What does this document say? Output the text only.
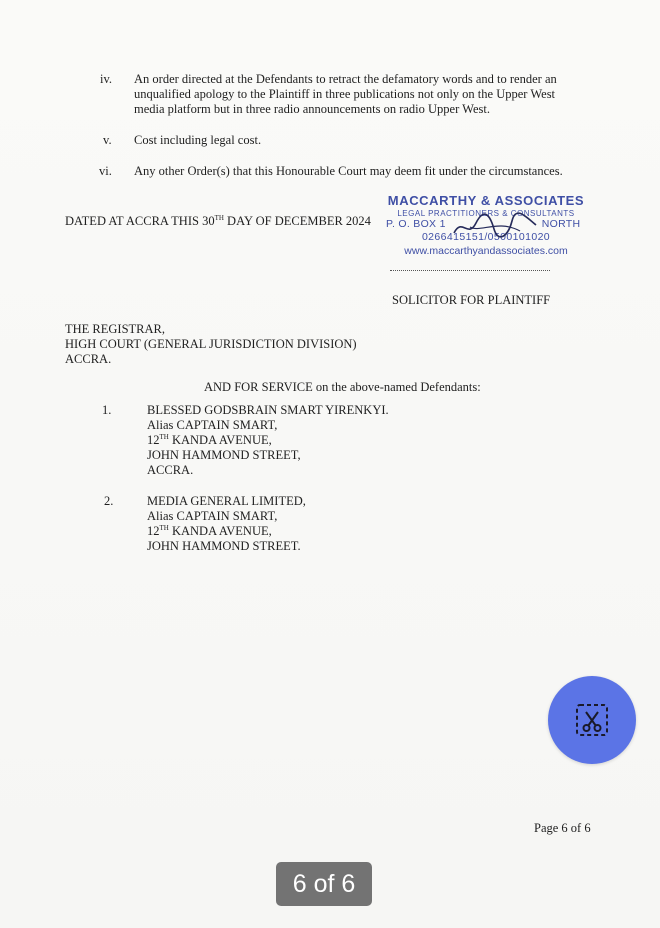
iv. An order directed at the Defendants to retract the defamatory words and to render an
unqualified apology to the Plaintiff in three publications not only on the Upper West
media platform but in three radio announcements on radio Upper West.
v. Cost including legal cost.
vi. Any other Order(s) that this Honourable Court may deem fit under the circumstances.
DATED AT ACCRA THIS 30TH DAY OF DECEMBER 2024
MACCARTHY & ASSOCIATES
LEGAL PRACTITIONERS & CONSULTANTS
P. O. BOX 1	NORTH
0266415151/0500101020
www.maccarthyandassociates.com
SOLICITOR FOR PLAINTIFF
THE REGISTRAR,
HIGH COURT (GENERAL JURISDICTION DIVISION)
ACCRA.
AND FOR SERVICE on the above-named Defendants:
1.	BLESSED GODSBRAIN SMART YIRENKYI.
Alias CAPTAIN SMART,
12TH KANDA AVENUE,
JOHN HAMMOND STREET,
ACCRA.
2.	MEDIA GENERAL LIMITED,
Alias CAPTAIN SMART,
12TH KANDA AVENUE,
JOHN HAMMOND STREET.
Page 6 of 6
6 of 6
